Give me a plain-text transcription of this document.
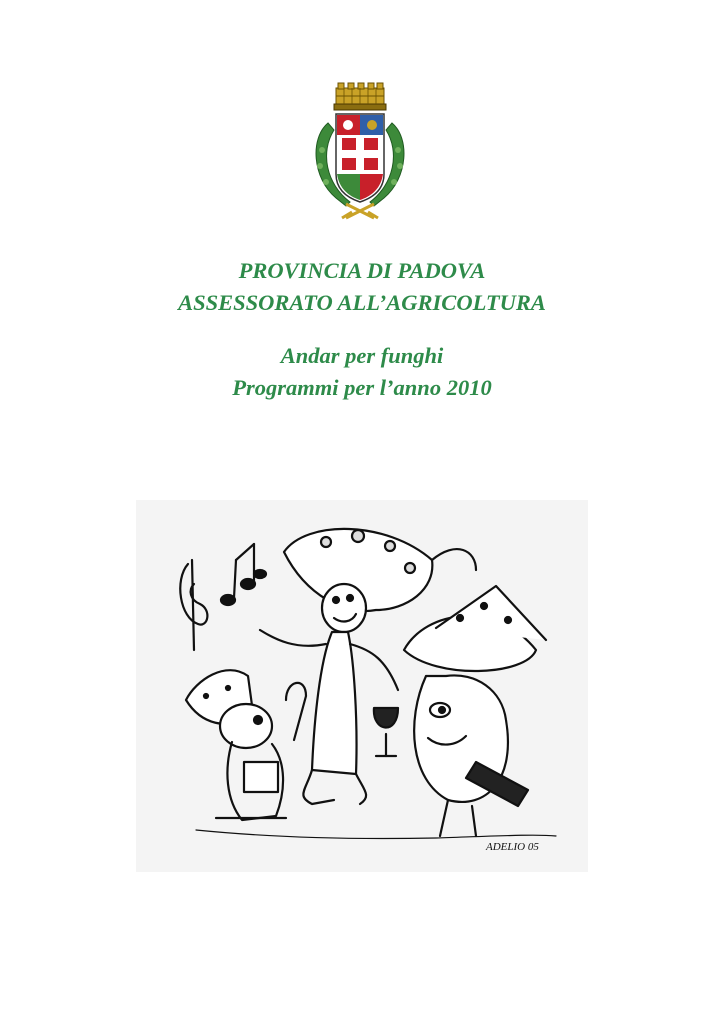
PROVINCIA DI PADOVA
ASSESSORATO ALL’AGRICOLTURA
Andar per funghi
Programmi per l’anno 2010
ADELIO 05
